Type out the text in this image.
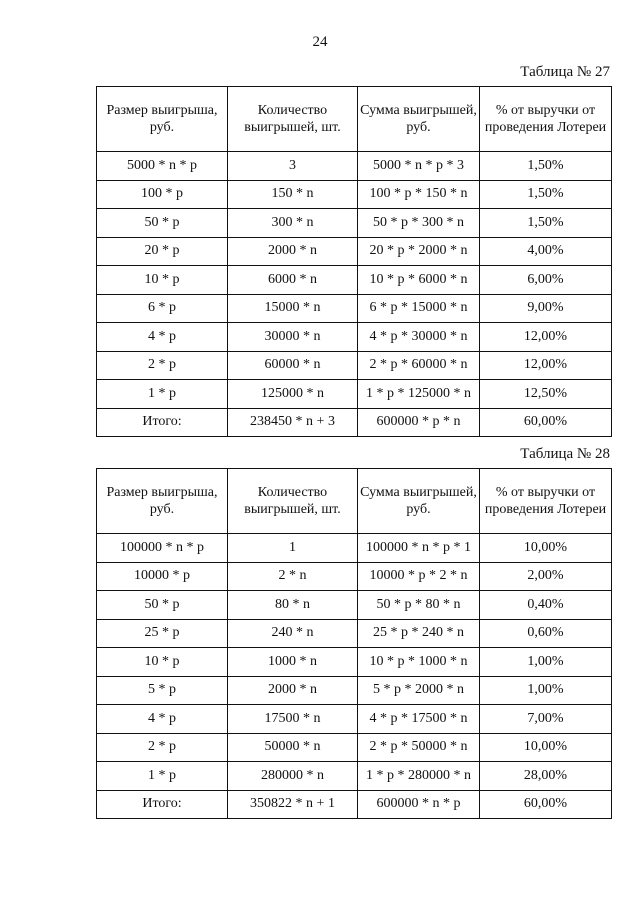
24
Таблица № 27
Размер выигрыша, руб.	Количество выигрышей, шт.	Сумма выигрышей, руб.	% от выручки от проведения Лотереи
5000 * n * p	3	5000 * n * p * 3	1,50%
100 * p	150 * n	100 * p * 150 * n	1,50%
50 * p	300 * n	50 * p * 300 * n	1,50%
20 * p	2000 * n	20 * p * 2000 * n	4,00%
10 * p	6000 * n	10 * p * 6000 * n	6,00%
6 * p	15000 * n	6 * p * 15000 * n	9,00%
4 * p	30000 * n	4 * p * 30000 * n	12,00%
2 * p	60000 * n	2 * p * 60000 * n	12,00%
1 * p	125000 * n	1 * p * 125000 * n	12,50%
Итого:	238450 * n + 3	600000 * p * n	60,00%
Таблица № 28
Размер выигрыша, руб.	Количество выигрышей, шт.	Сумма выигрышей, руб.	% от выручки от проведения Лотереи
100000 * n * p	1	100000 * n * p * 1	10,00%
10000 * p	2 * n	10000 * p * 2 * n	2,00%
50 * p	80 * n	50 * p * 80 * n	0,40%
25 * p	240 * n	25 * p * 240 * n	0,60%
10 * p	1000 * n	10 * p * 1000 * n	1,00%
5 * p	2000 * n	5 * p * 2000 * n	1,00%
4 * p	17500 * n	4 * p * 17500 * n	7,00%
2 * p	50000 * n	2 * p * 50000 * n	10,00%
1 * p	280000 * n	1 * p * 280000 * n	28,00%
Итого:	350822 * n + 1	600000 * n * p	60,00%
